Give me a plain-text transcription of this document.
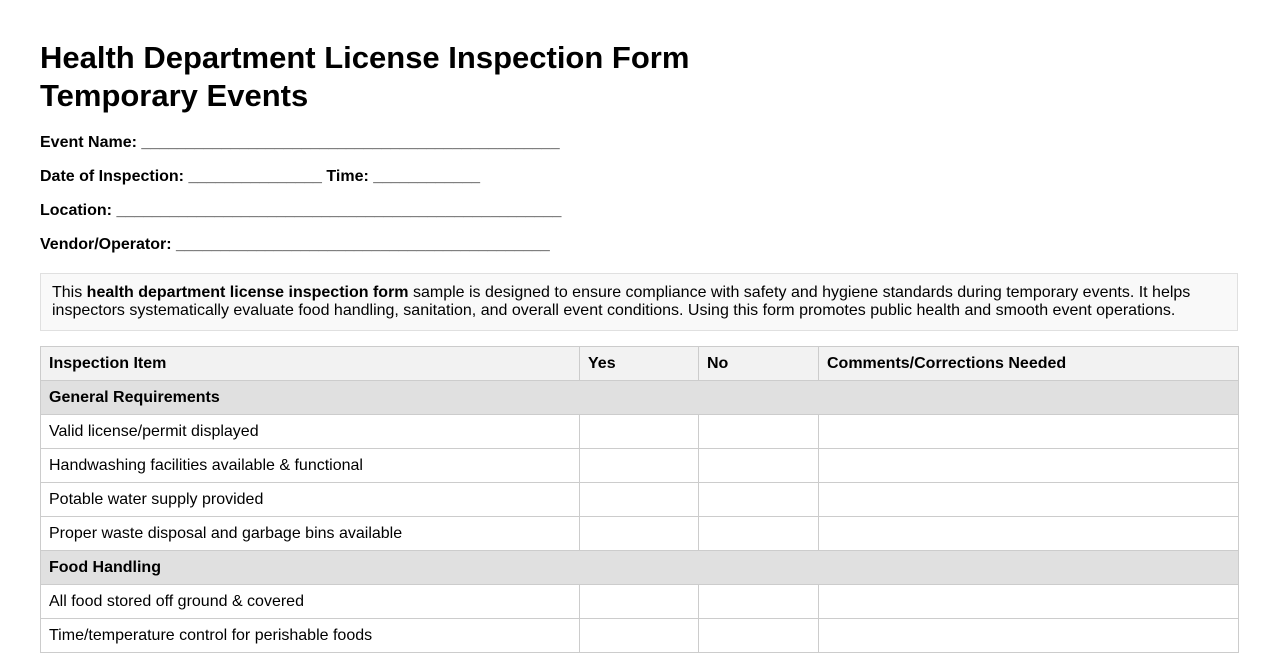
Health Department License Inspection Form
Temporary Events
Event Name: _______________________________________________
Date of Inspection: _______________ Time: ____________
Location: __________________________________________________
Vendor/Operator: __________________________________________
This health department license inspection form sample is designed to ensure compliance with safety and hygiene standards during temporary events. It helps inspectors systematically evaluate food handling, sanitation, and overall event conditions. Using this form promotes public health and smooth event operations.
Inspection Item	Yes	No	Comments/Corrections Needed
General Requirements			
Valid license/permit displayed			
Handwashing facilities available & functional			
Potable water supply provided			
Proper waste disposal and garbage bins available			
Food Handling			
All food stored off ground & covered			
Time/temperature control for perishable foods			
